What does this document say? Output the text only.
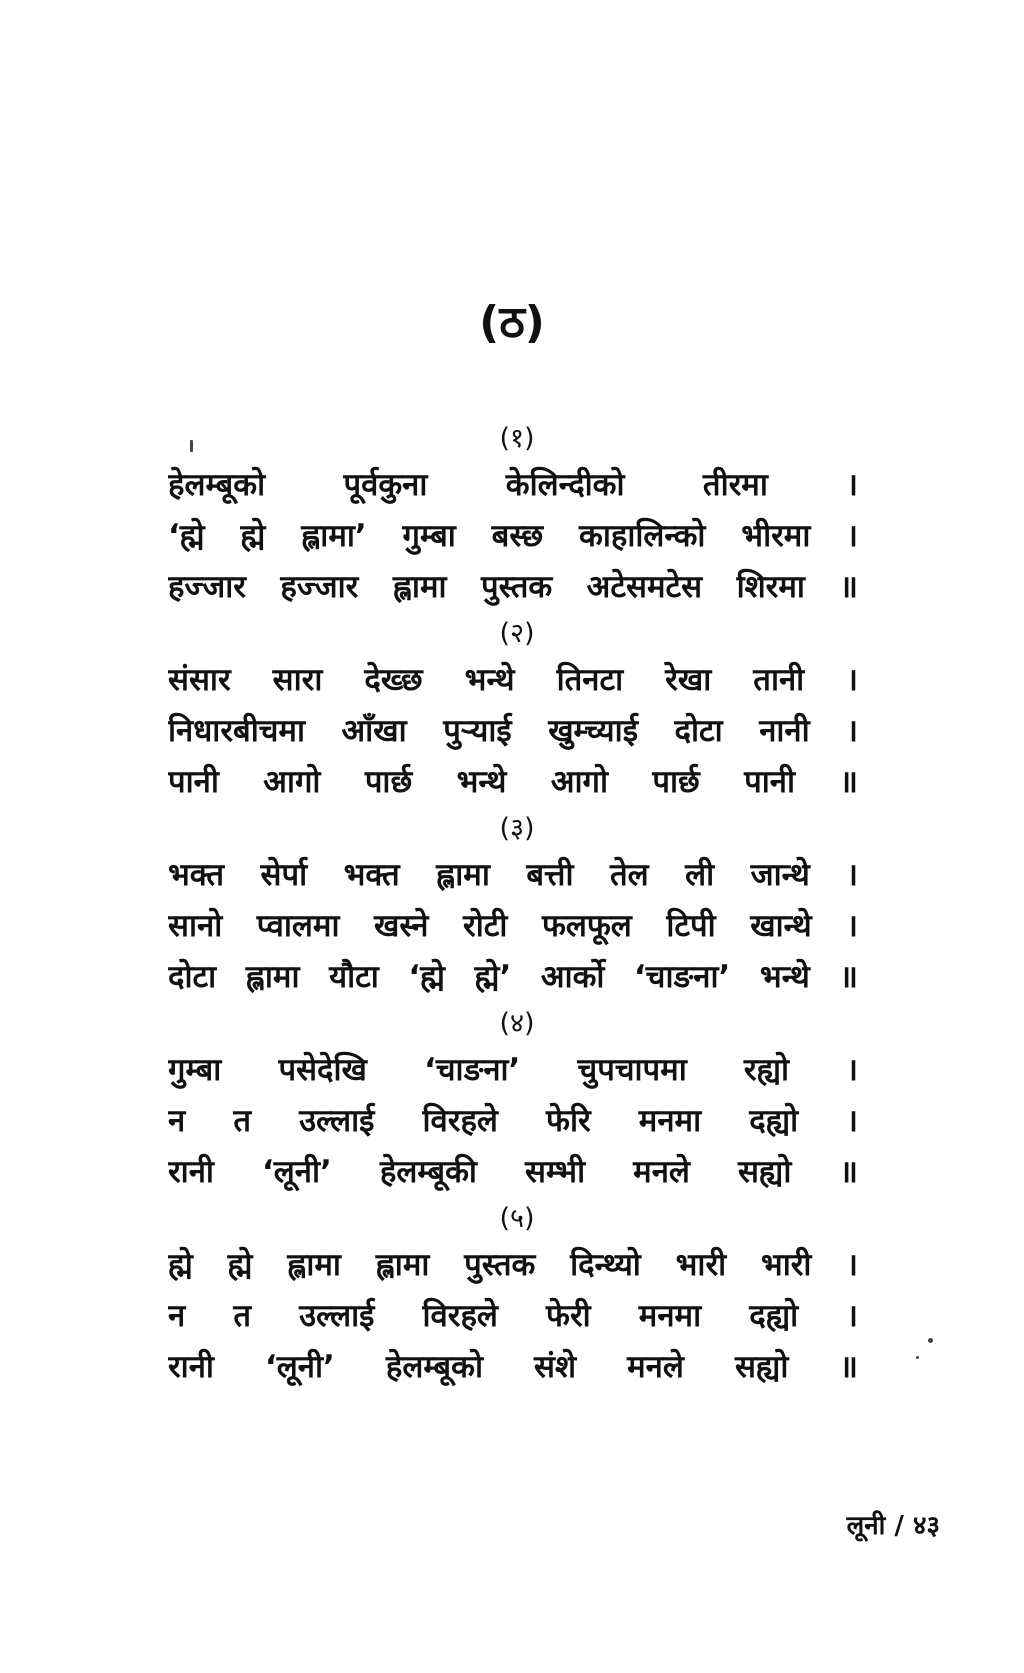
(ठ)
(१)
हेलम्बूको पूर्वकुना केलिन्दीको तीरमा ।
‘ह्मे ह्मे ह्लामा’ गुम्बा बस्छ काहालिन्को भीरमा ।
हज्जार हज्जार ह्लामा पुस्तक अटेसमटेस शिरमा ॥
(२)
संसार सारा देख्छ भन्थे तिनटा रेखा तानी ।
निधारबीचमा आँखा पुऱ्याई खुम्च्याई दोटा नानी ।
पानी आगो पार्छ भन्थे आगो पार्छ पानी ॥
(३)
भक्त सेर्पा भक्त ह्लामा बत्ती तेल ली जान्थे ।
सानो प्वालमा खस्ने रोटी फलफूल टिपी खान्थे ।
दोटा ह्लामा यौटा ‘ह्मे ह्मे’ आर्को ‘चाङना’ भन्थे ॥
(४)
गुम्बा पसेदेखि ‘चाङना’ चुपचापमा रह्यो ।
न त उल्लाई विरहले फेरि मनमा दह्यो ।
रानी ‘लूनी’ हेलम्बूकी सम्भी मनले सह्यो ॥
(५)
ह्मे ह्मे ह्लामा ह्लामा पुस्तक दिन्थ्यो भारी भारी ।
न त उल्लाई विरहले फेरी मनमा दह्यो ।
रानी ‘लूनी’ हेलम्बूको संशे मनले सह्यो ॥
लूनी / ४३
